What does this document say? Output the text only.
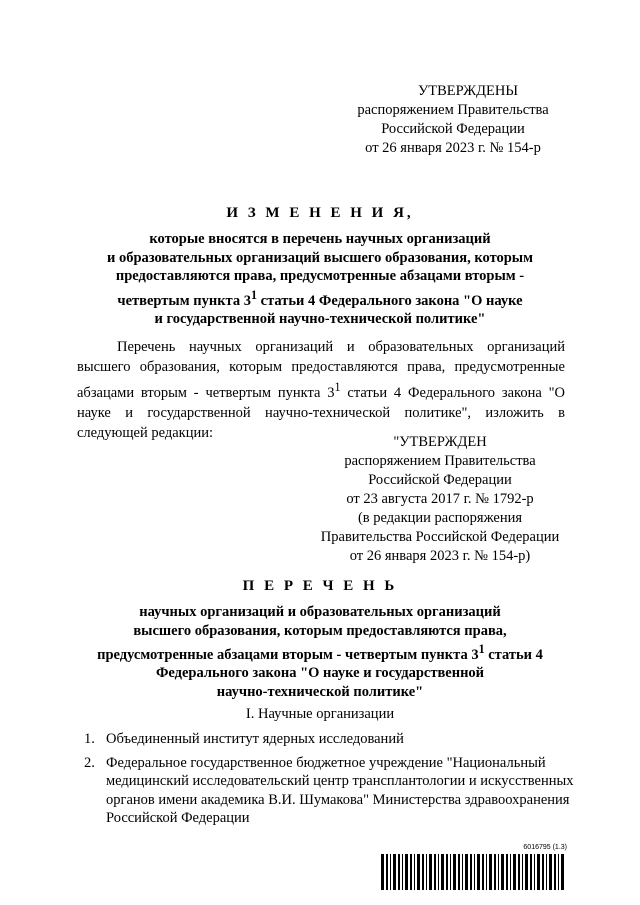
УТВЕРЖДЕНЫ
распоряжением Правительства
Российской Федерации
от 26 января 2023 г. № 154-р
И З М Е Н Е Н И Я,
которые вносятся в перечень научных организаций
и образовательных организаций высшего образования, которым
предоставляются права, предусмотренные абзацами вторым -
четвертым пункта $3^1$ статьи 4 Федерального закона "О науке
и государственной научно-технической политике"
Перечень научных организаций и образовательных организаций высшего образования, которым предоставляются права, предусмотренные абзацами вторым - четвертым пункта $3^1$ статьи 4 Федерального закона "О науке и государственной научно-технической политике", изложить в следующей редакции:
"УТВЕРЖДЕН
распоряжением Правительства
Российской Федерации
от 23 августа 2017 г. № 1792-р
(в редакции распоряжения
Правительства Российской Федерации
от 26 января 2023 г. № 154-р)
П Е Р Е Ч Е Н Ь
научных организаций и образовательных организаций
высшего образования, которым предоставляются права,
предусмотренные абзацами вторым - четвертым пункта $3^1$ статьи 4
Федерального закона "О науке и государственной
научно-технической политике"
I. Научные организации
1. Объединенный институт ядерных исследований
2. Федеральное государственное бюджетное учреждение "Национальный медицинский исследовательский центр трансплантологии и искусственных органов имени академика В.И. Шумакова" Министерства здравоохранения Российской Федерации
6016795 (1.3)
